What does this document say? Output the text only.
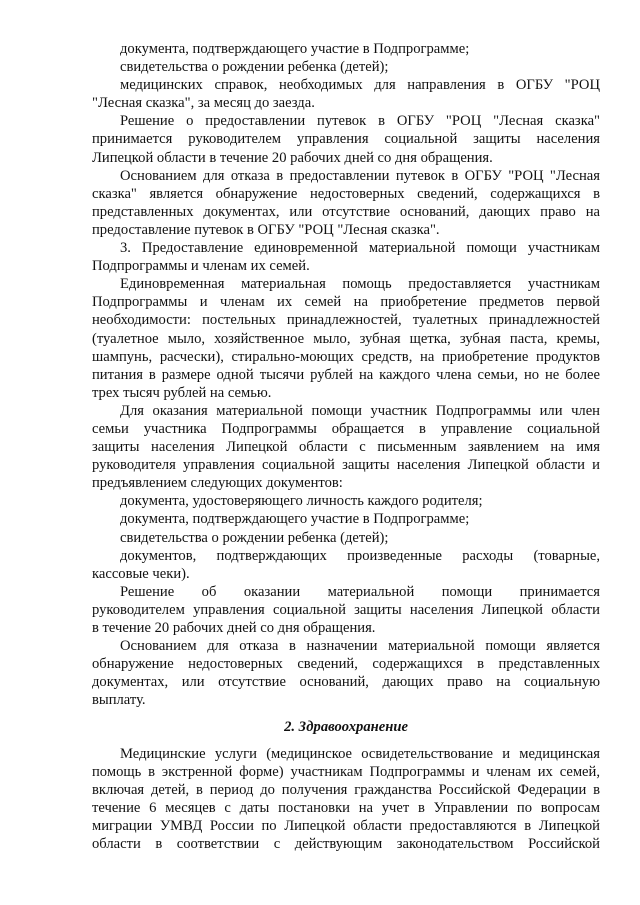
документа, подтверждающего участие в Подпрограмме;
свидетельства о рождении ребенка (детей);
медицинских справок, необходимых для направления в ОГБУ "РОЦ
"Лесная сказка", за месяц до заезда.
Решение о предоставлении путевок в ОГБУ "РОЦ "Лесная сказка"
принимается руководителем управления социальной защиты населения
Липецкой области в течение 20 рабочих дней со дня обращения.
Основанием для отказа в предоставлении путевок в ОГБУ "РОЦ "Лесная
сказка" является обнаружение недостоверных сведений, содержащихся в
представленных документах, или отсутствие оснований, дающих право на
предоставление путевок в ОГБУ "РОЦ "Лесная сказка".
3. Предоставление единовременной материальной помощи участникам
Подпрограммы и членам их семей.
Единовременная материальная помощь предоставляется участникам
Подпрограммы и членам их семей на приобретение предметов первой
необходимости: постельных принадлежностей, туалетных принадлежностей
(туалетное мыло, хозяйственное мыло, зубная щетка, зубная паста, кремы,
шампунь, расчески), стирально-моющих средств, на приобретение продуктов
питания в размере одной тысячи рублей на каждого члена семьи, но не более
трех тысяч рублей на семью.
Для оказания материальной помощи участник Подпрограммы или член
семьи участника Подпрограммы обращается в управление социальной
защиты населения Липецкой области с письменным заявлением на имя
руководителя управления социальной защиты населения Липецкой области и
предъявлением следующих документов:
документа, удостоверяющего личность каждого родителя;
документа, подтверждающего участие в Подпрограмме;
свидетельства о рождении ребенка (детей);
документов, подтверждающих произведенные расходы (товарные,
кассовые чеки).
Решение об оказании материальной помощи принимается
руководителем управления социальной защиты населения Липецкой области
в течение 20 рабочих дней со дня обращения.
Основанием для отказа в назначении материальной помощи является
обнаружение недостоверных сведений, содержащихся в представленных
документах, или отсутствие оснований, дающих право на социальную
выплату.
2. Здравоохранение
Медицинские услуги (медицинское освидетельствование и медицинская
помощь в экстренной форме) участникам Подпрограммы и членам их семей,
включая детей, в период до получения гражданства Российской Федерации в
течение 6 месяцев с даты постановки на учет в Управлении по вопросам
миграции УМВД России по Липецкой области предоставляются в Липецкой
области в соответствии с действующим законодательством Российской
